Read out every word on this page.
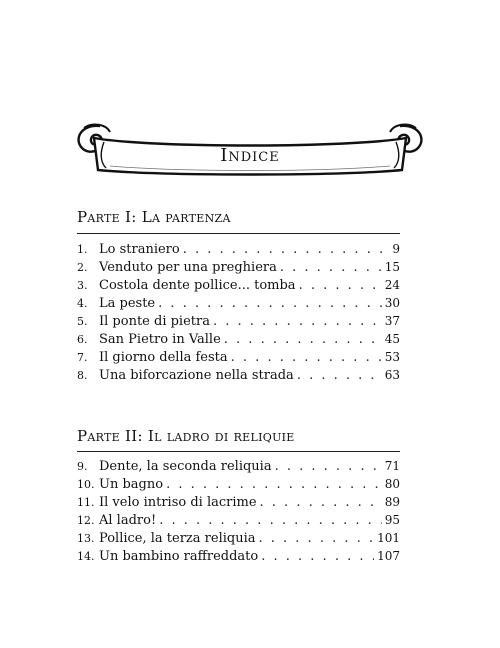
Indice
Parte I: La partenza
1. Lo straniero . . .	9
2. Venduto per una preghiera . . .	15
3. Costola dente pollice... tomba . . .	24
4. La peste . . .	30
5. Il ponte di pietra . . .	37
6. San Pietro in Valle . . .	45
7. Il giorno della festa . . .	53
8. Una biforcazione nella strada . . .	63
Parte II: Il ladro di reliquie
9. Dente, la seconda reliquia . . .	71
10. Un bagno . . .	80
11. Il velo intriso di lacrime . . .	89
12. Al ladro! . . .	95
13. Pollice, la terza reliquia . . .	101
14. Un bambino raffreddato . . .	107
